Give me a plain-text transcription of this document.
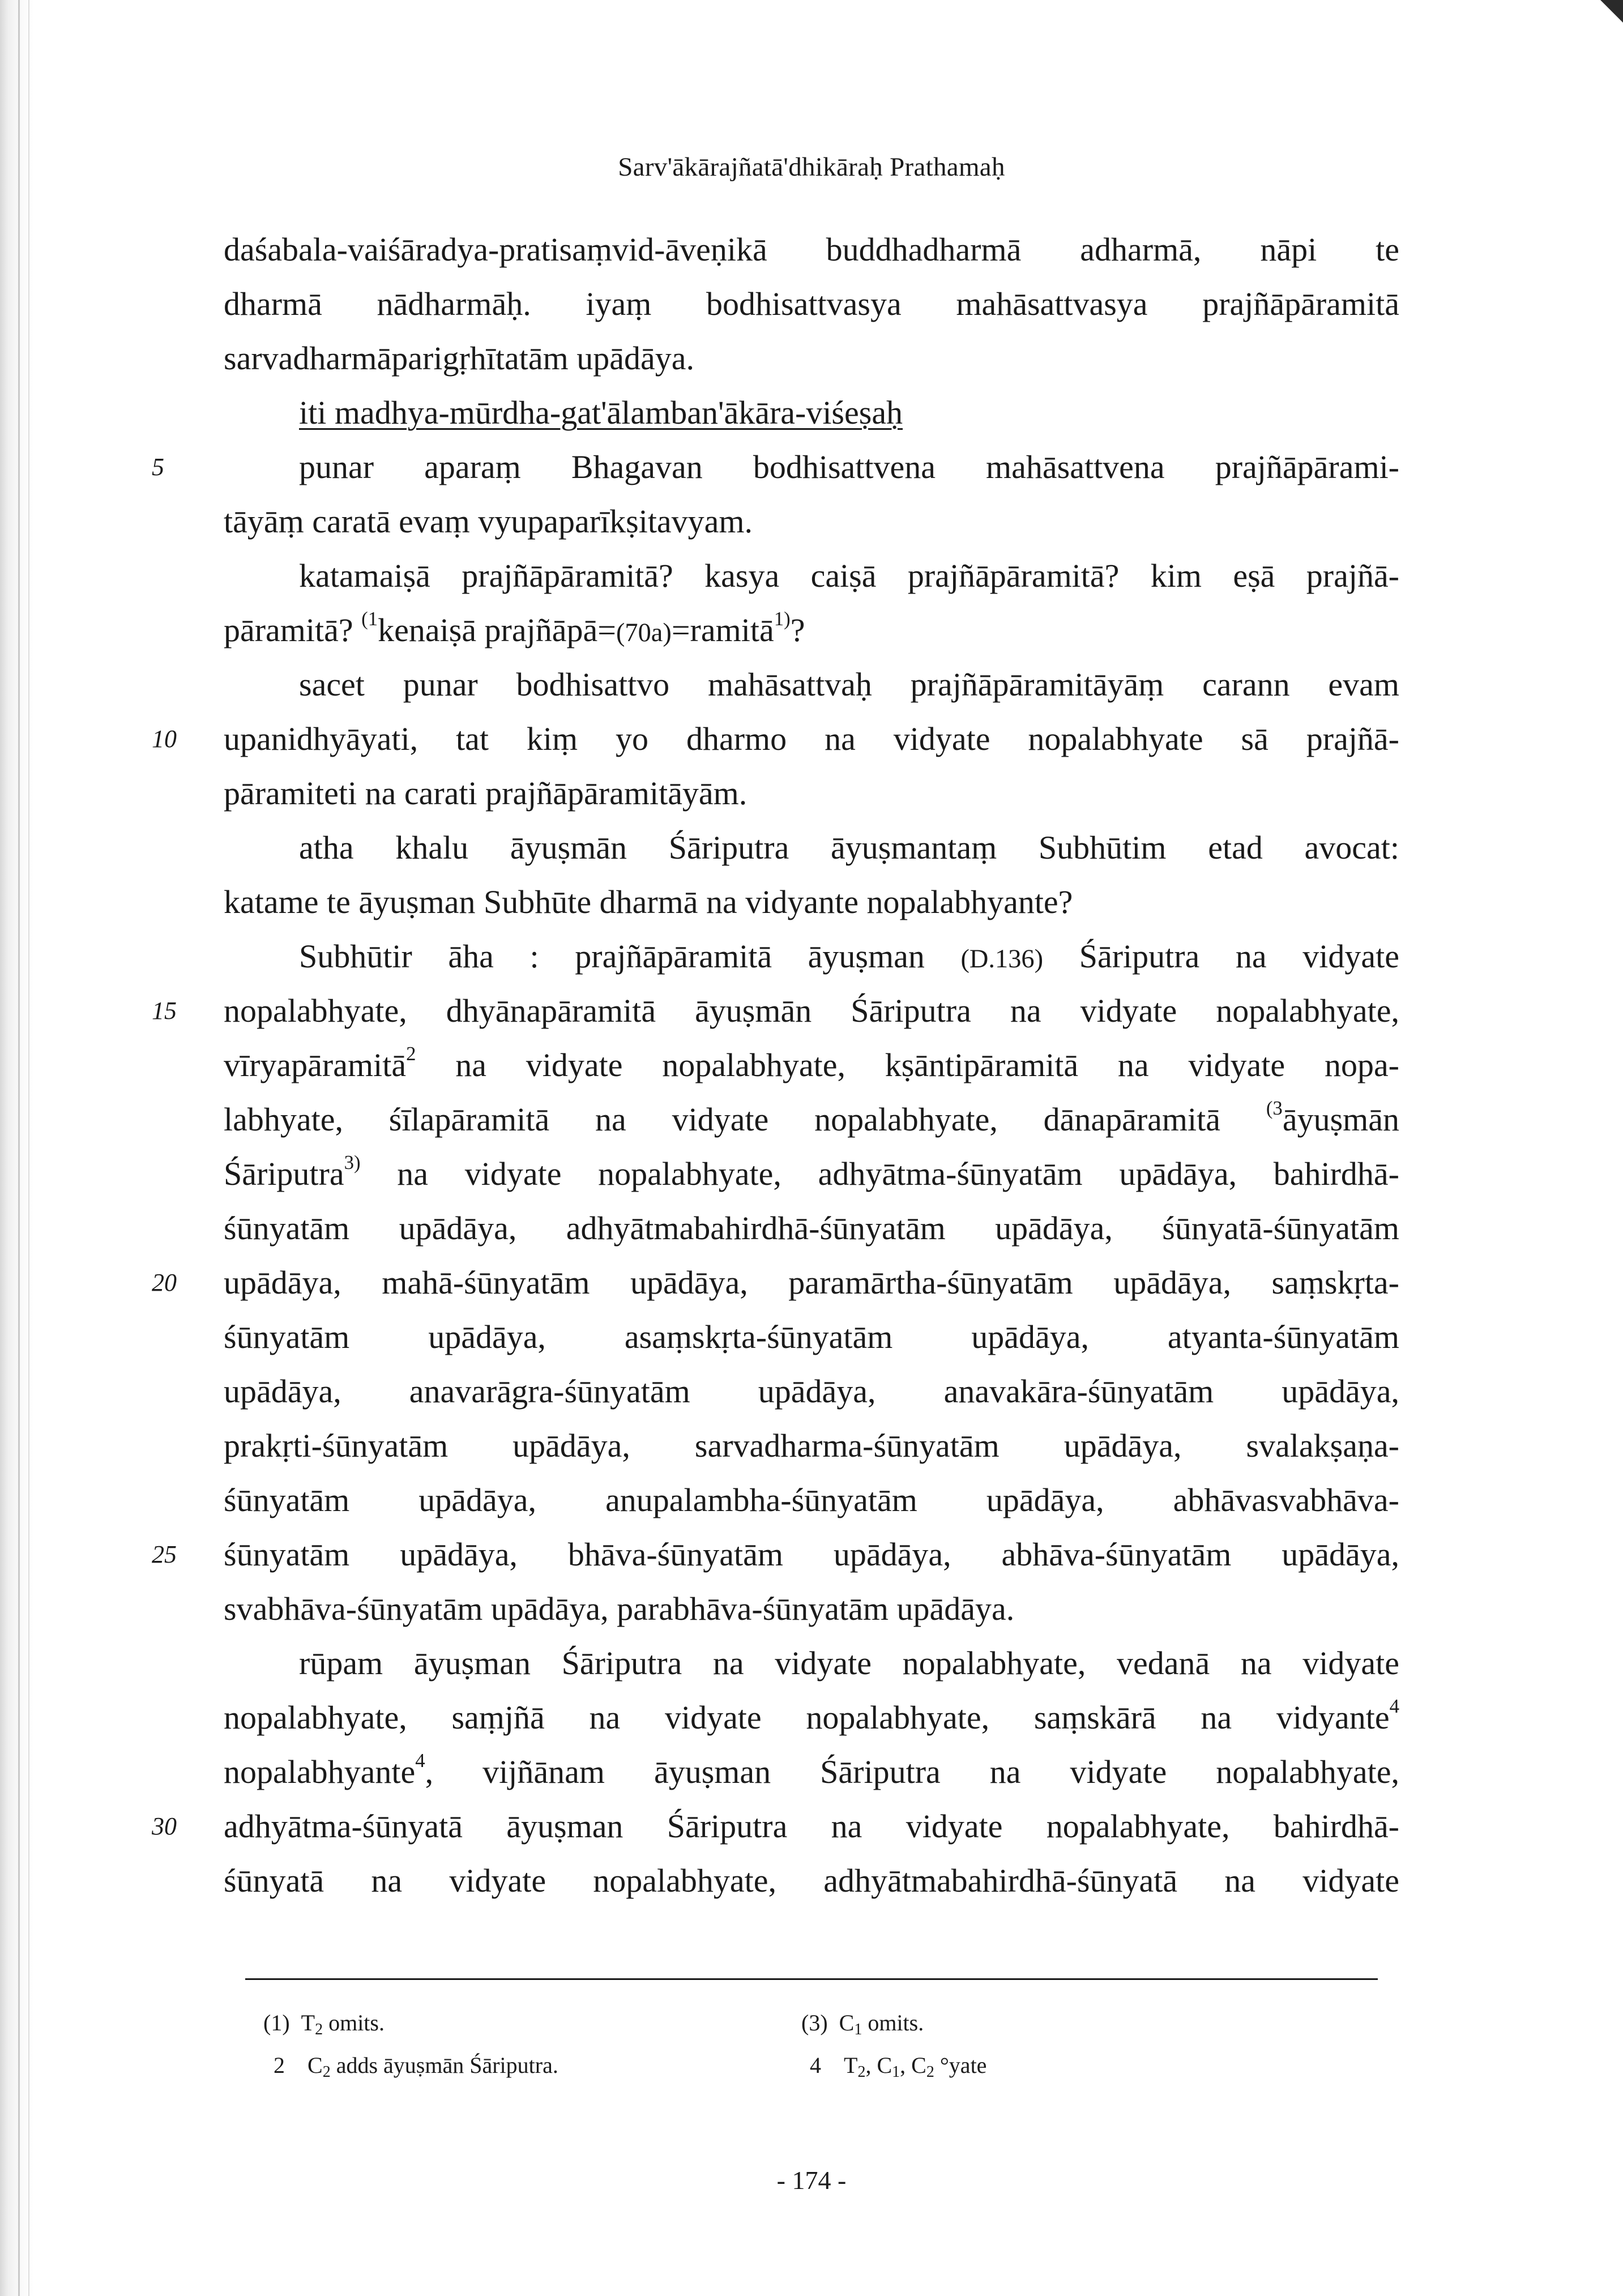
Sarv'ākārajñatā'dhikāraḥ Prathamaḥ
daśabala-vaiśāradya-pratisaṃvid-āveṇikā buddhadharmā adharmā, nāpi te
dharmā nādharmāḥ. iyaṃ bodhisattvasya mahāsattvasya prajñāpāramitā
sarvadharmāparigṛhītatām upādāya.
iti madhya-mūrdha-gat'ālamban'ākāra-viśeṣaḥ
5	punar aparaṃ Bhagavan bodhisattvena mahāsattvena prajñāpārami-
tāyāṃ caratā evaṃ vyupaparīkṣitavyam.
katamaiṣā prajñāpāramitā? kasya caiṣā prajñāpāramitā? kim eṣā prajñā-
pāramitā? $^{(1}$kenaiṣā prajñāpā=(70a)=ramitā$^{1)}$?
sacet punar bodhisattvo mahāsattvaḥ prajñāpāramitāyāṃ carann evam
10	upanidhyāyati, tat kiṃ yo dharmo na vidyate nopalabhyate sā prajñā-
pāramiteti na carati prajñāpāramitāyām.
atha khalu āyuṣmān Śāriputra āyuṣmantaṃ Subhūtim etad avocat:
katame te āyuṣman Subhūte dharmā na vidyante nopalabhyante?
Subhūtir āha : prajñāpāramitā āyuṣman (D.136) Śāriputra na vidyate
15	nopalabhyate, dhyānapāramitā āyuṣmān Śāriputra na vidyate nopalabhyate,
vīryapāramitā$^2$ na vidyate nopalabhyate, kṣāntipāramitā na vidyate nopa-
labhyate, śīlapāramitā na vidyate nopalabhyate, dānapāramitā $^{(3}$āyuṣmān
Śāriputra$^{3)}$ na vidyate nopalabhyate, adhyātma-śūnyatām upādāya, bahirdhā-
śūnyatām upādāya, adhyātmabahirdhā-śūnyatām upādāya, śūnyatā-śūnyatām
20	upādāya, mahā-śūnyatām upādāya, paramārtha-śūnyatām upādāya, saṃskṛta-
śūnyatām upādāya, asaṃskṛta-śūnyatām upādāya, atyanta-śūnyatām
upādāya, anavarāgra-śūnyatām upādāya, anavakāra-śūnyatām upādāya,
prakṛti-śūnyatām upādāya, sarvadharma-śūnyatām upādāya, svalakṣaṇa-
śūnyatām upādāya, anupalambha-śūnyatām upādāya, abhāvasvabhāva-
25	śūnyatām upādāya, bhāva-śūnyatām upādāya, abhāva-śūnyatām upādāya,
svabhāva-śūnyatām upādāya, parabhāva-śūnyatām upādāya.
rūpam āyuṣman Śāriputra na vidyate nopalabhyate, vedanā na vidyate
nopalabhyate, saṃjñā na vidyate nopalabhyate, saṃskārā na vidyante$^4$
nopalabhyante$^4$, vijñānam āyuṣman Śāriputra na vidyate nopalabhyate,
30	adhyātma-śūnyatā āyuṣman Śāriputra na vidyate nopalabhyate, bahirdhā-
śūnyatā na vidyate nopalabhyate, adhyātmabahirdhā-śūnyatā na vidyate
(1) $T_2$ omits.	(3) $C_1$ omits.
2 $C_2$ adds āyuṣmān Śāriputra.	4 $T_2$, $C_1$, $C_2$ °yate
- 174 -
